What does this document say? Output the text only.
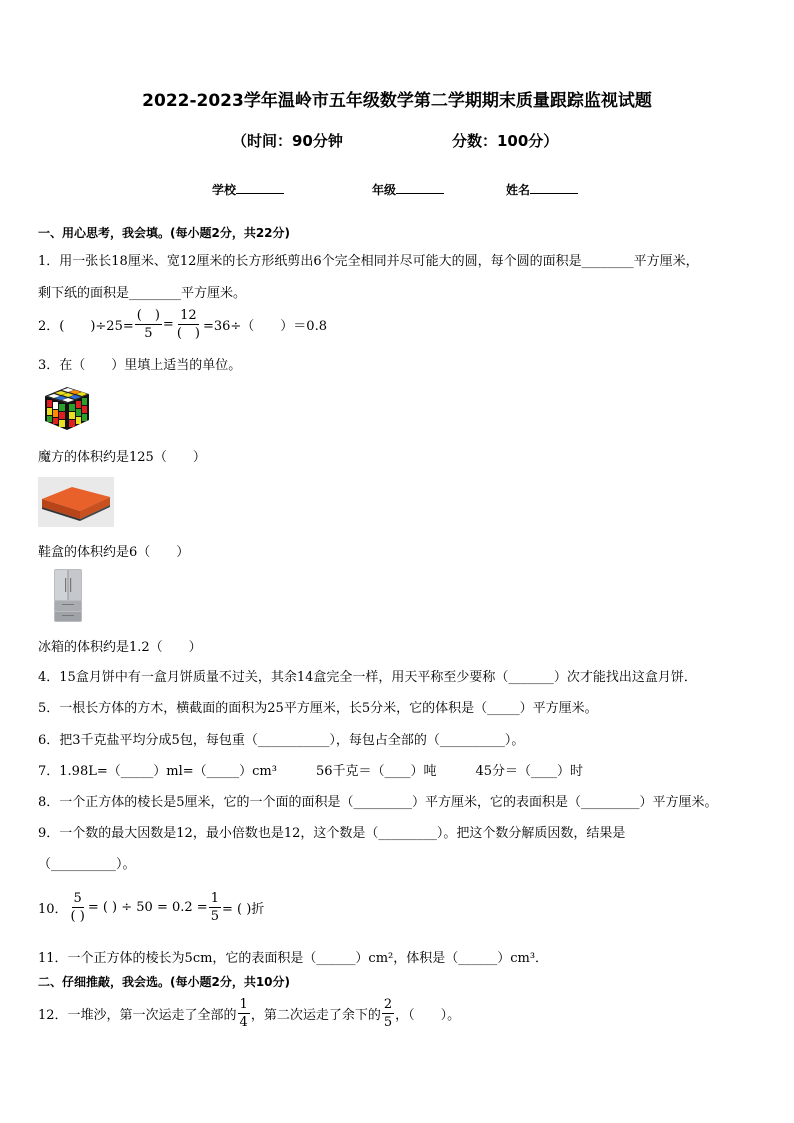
2022-2023学年温岭市五年级数学第二学期期末质量跟踪监视试题
（时间：90分钟	分数：100分）
学校	年级	姓名
一、用心思考，我会填。(每小题2分，共22分)
1．用一张长18厘米、宽12厘米的长方形纸剪出6个完全相同并尽可能大的圆，每个圆的面积是________平方厘米，
剩下纸的面积是________平方厘米。
2．(　　)$\div 25= \frac{( )}{5} = \frac{12}{( )} =36\div$（　　）＝0.8
3．在（　　）里填上适当的单位。
魔方的体积约是125（　　）
鞋盒的体积约是6（　　）
冰箱的体积约是1.2（　　）
4．15盒月饼中有一盒月饼质量不过关，其余14盒完全一样，用天平称至少要称（_______）次才能找出这盒月饼．
5．一根长方体的方木，横截面的面积为25平方厘米，长5分米，它的体积是（_____）平方厘米。
6．把3千克盐平均分成5包，每包重（___________），每包占全部的（__________）。
7．1.98L=（_____）ml=（_____）cm³　　　56千克＝（____）吨　　　45分＝（____）时
8．一个正方体的棱长是5厘米，它的一个面的面积是（_________）平方厘米，它的表面积是（_________）平方厘米。
9．一个数的最大因数是12，最小倍数也是12，这个数是（_________）。把这个数分解质因数，结果是
（__________）。
10． $\frac{5}{( )}$ = ( ) ÷ $50 = 0.2 = \frac{1}{5}$ = ( )折
11．一个正方体的棱长为5cm，它的表面积是（______）cm²，体积是（______）cm³．
二、仔细推敲，我会选。(每小题2分，共10分)
12．一堆沙，第一次运走了全部的 $\frac{1}{4}$ ，第二次运走了余下的 $\frac{2}{5}$ ，（　　）。
